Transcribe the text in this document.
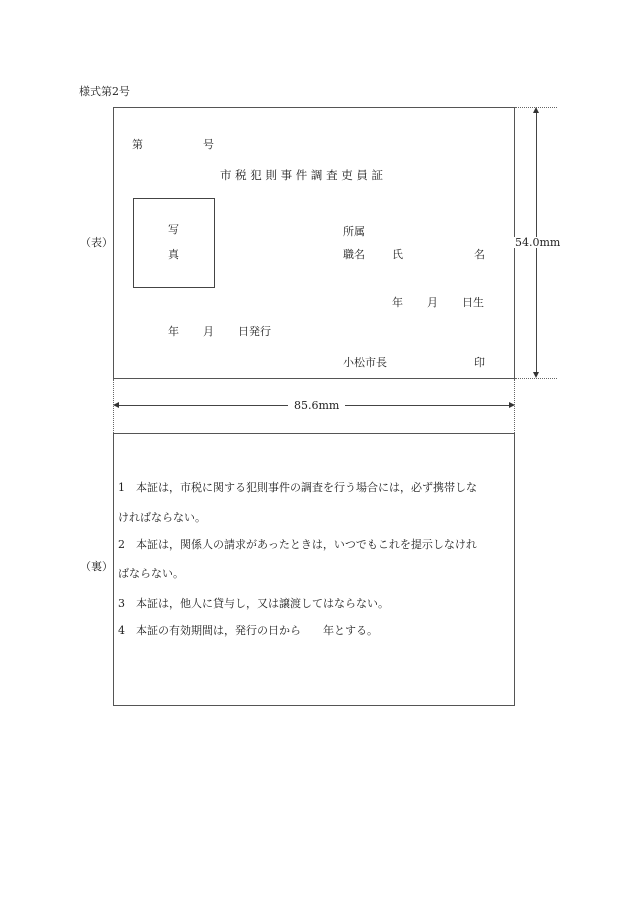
様式第2号
（表）
第	号
市 税 犯 則 事 件 調 査 吏 員 証
写
真
所属
職名 氏	名
年 月 日生
年 月 日発行
小松市長	印
54.0mm
85.6mm
（裏）
1　本証は，市税に関する犯則事件の調査を行う場合には，必ず携帯しな
ければならない。
2　本証は，関係人の請求があったときは，いつでもこれを提示しなけれ
ばならない。
3　本証は，他人に貸与し，又は譲渡してはならない。
4　本証の有効期間は，発行の日から　　年とする。
